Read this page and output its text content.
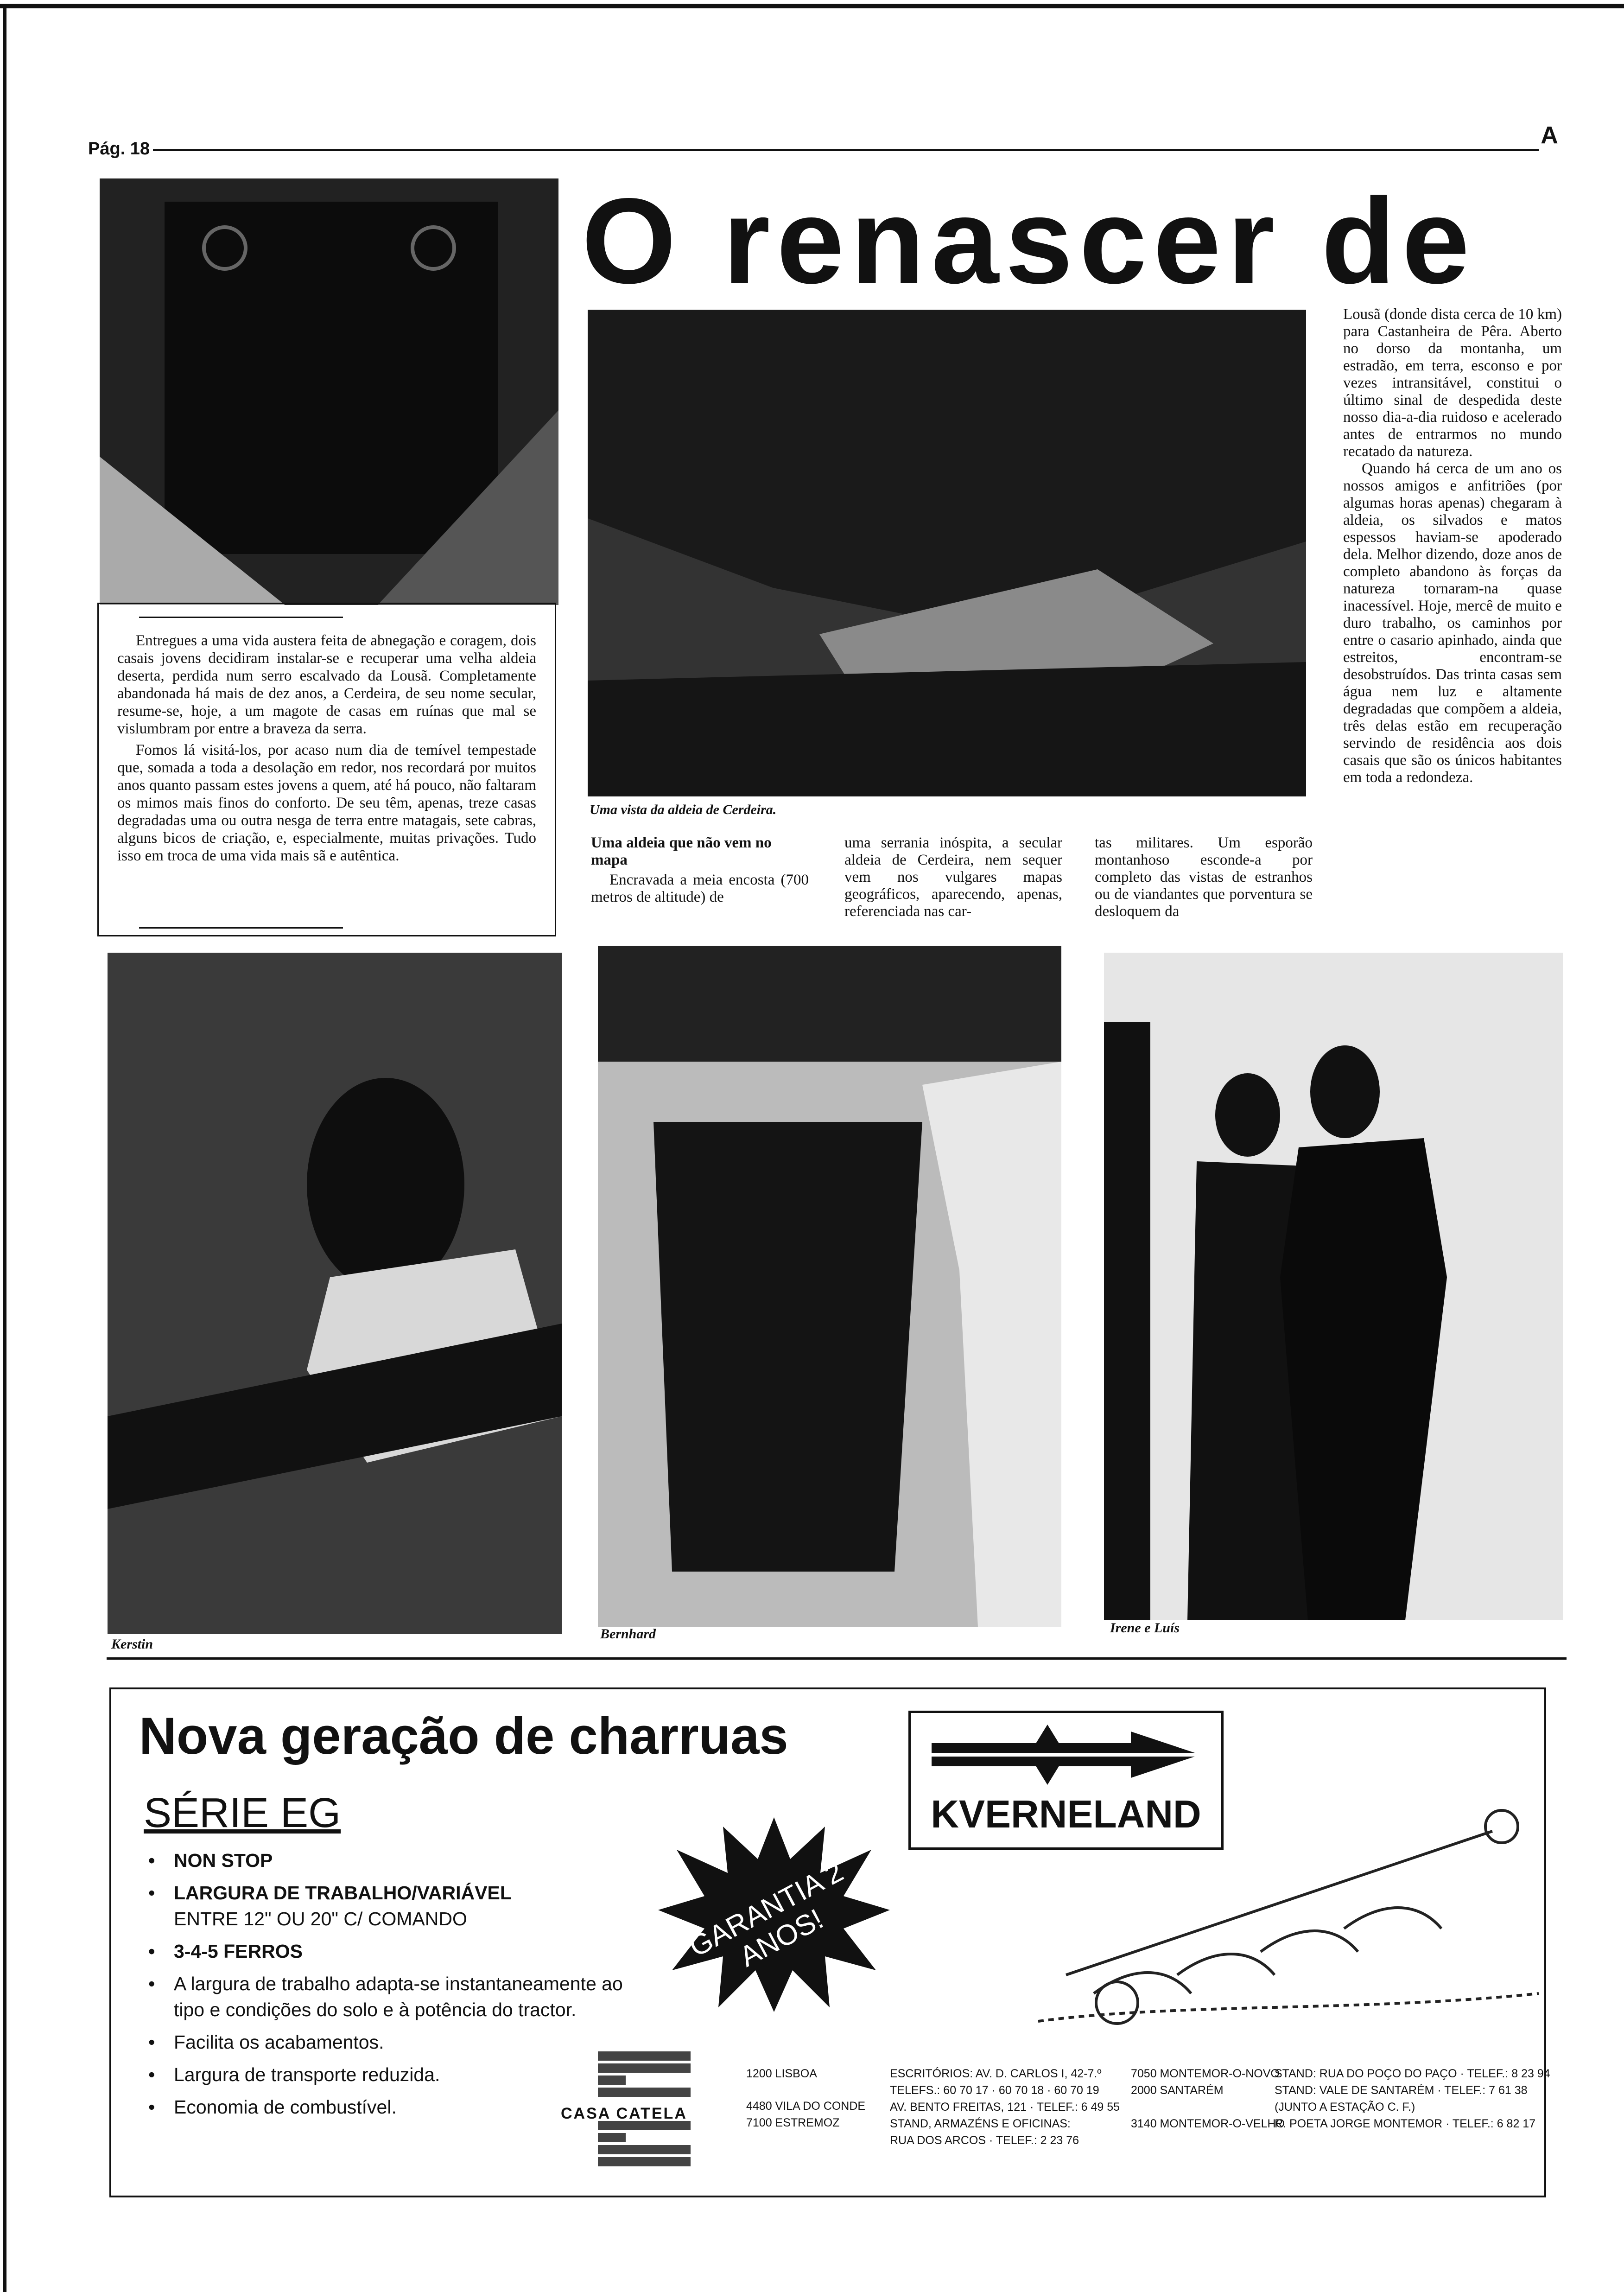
Pág. 18	A
O renascer de

Entregues a uma vida austera feita de abnegação e coragem, dois casais jovens decidiram instalar-se e recuperar uma velha aldeia deserta, perdida num serro escalvado da Lousã. Completamente abandonada há mais de dez anos, a Cerdeira, de seu nome secular, resume-se, hoje, a um magote de casas em ruínas que mal se vislumbram por entre a braveza da serra.

Fomos lá visitá-los, por acaso num dia de temível tempestade que, somada a toda a desolação em redor, nos recordará por muitos anos quanto passam estes jovens a quem, até há pouco, não faltaram os mimos mais finos do conforto. De seu têm, apenas, treze casas degradadas uma ou outra nesga de terra entre matagais, sete cabras, alguns bicos de criação, e, especialmente, muitas privações. Tudo isso em troca de uma vida mais sã e autêntica.

Uma vista da aldeia de Cerdeira.
Uma aldeia que não vem no mapa

Encravada a meia encosta (700 metros de altitude) de

uma serrania inóspita, a secular aldeia de Cerdeira, nem sequer vem nos vulgares mapas geográficos, aparecendo, apenas, referenciada nas car-

tas militares. Um esporão montanhoso esconde-a por completo das vistas de estranhos ou de viandantes que porventura se desloquem da

Lousã (donde dista cerca de 10 km) para Castanheira de Pêra. Aberto no dorso da montanha, um estradão, em terra, esconso e por vezes intransitável, constitui o último sinal de despedida deste nosso dia-a-dia ruidoso e acelerado antes de entrarmos no mundo recatado da natureza.

Quando há cerca de um ano os nossos amigos e anfitriões (por algumas horas apenas) chegaram à aldeia, os silvados e matos espessos haviam-se apoderado dela. Melhor dizendo, doze anos de completo abandono às forças da natureza tornaram-na quase inacessível. Hoje, mercê de muito e duro trabalho, os caminhos por entre o casario apinhado, ainda que estreitos, encontram-se desobstruídos. Das trinta casas sem água nem luz e altamente degradadas que compõem a aldeia, três delas estão em recuperação servindo de residência aos dois casais que são os únicos habitantes em toda a redondeza.

Kerstin
Bernhard	Irene e Luís
Nova geração de charruas
SÉRIE EG
• NON STOP
• LARGURA DE TRABALHO/VARIÁVEL
ENTRE 12" OU 20" C/ COMANDO
• 3-4-5 FERROS
• A largura de trabalho adapta-se instantaneamente ao tipo e condições do solo e à potência do tractor.
• Facilita os acabamentos.
• Largura de transporte reduzida.
• Economia de combustível.
KVERNELAND
GARANTIA 2 ANOS!
CASA CATELA
1200 LISBOA
4480 VILA DO CONDE
7100 ESTREMOZ
ESCRITÓRIOS: AV. D. CARLOS I, 42-7.º
TELEFS.: 60 70 17 · 60 70 18 · 60 70 19
AV. BENTO FREITAS, 121 · TELEF.: 6 49 55
STAND, ARMAZÉNS E OFICINAS:
RUA DOS ARCOS · TELEF.: 2 23 76
7050 MONTEMOR-O-NOVO
2000 SANTARÉM
3140 MONTEMOR-O-VELHO
STAND: RUA DO POÇO DO PAÇO · TELEF.: 8 23 94
STAND: VALE DE SANTARÉM · TELEF.: 7 61 38
(JUNTO A ESTAÇÃO C. F.)
R. POETA JORGE MONTEMOR · TELEF.: 6 82 17
